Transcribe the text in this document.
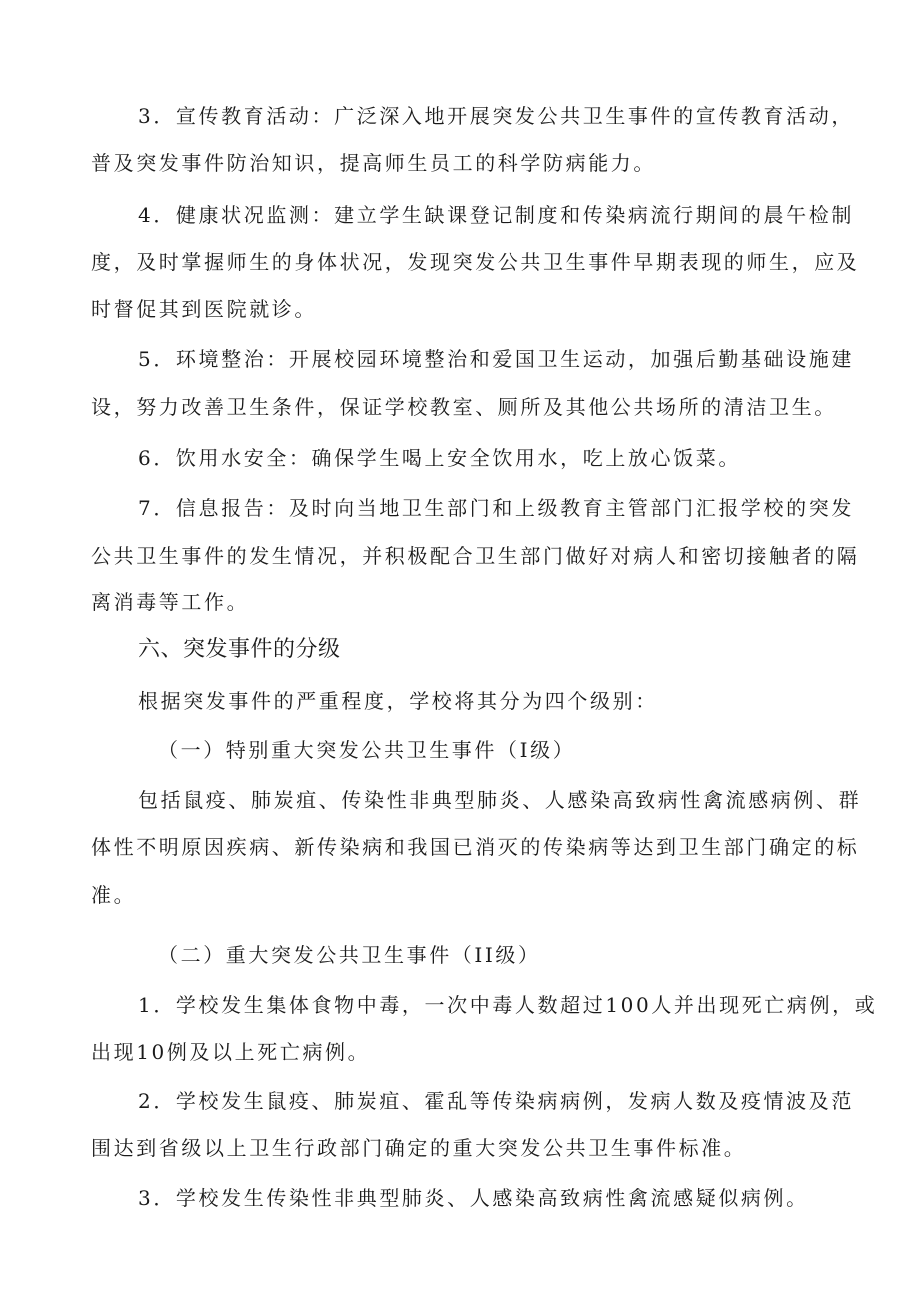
3．宣传教育活动：广泛深入地开展突发公共卫生事件的宣传教育活动，
普及突发事件防治知识，提高师生员工的科学防病能力。
4．健康状况监测：建立学生缺课登记制度和传染病流行期间的晨午检制
度，及时掌握师生的身体状况，发现突发公共卫生事件早期表现的师生，应及
时督促其到医院就诊。
5．环境整治：开展校园环境整治和爱国卫生运动，加强后勤基础设施建
设，努力改善卫生条件，保证学校教室、厕所及其他公共场所的清洁卫生。
6．饮用水安全：确保学生喝上安全饮用水，吃上放心饭菜。
7．信息报告：及时向当地卫生部门和上级教育主管部门汇报学校的突发
公共卫生事件的发生情况，并积极配合卫生部门做好对病人和密切接触者的隔
离消毒等工作。
六、突发事件的分级
根据突发事件的严重程度，学校将其分为四个级别：
（一）特别重大突发公共卫生事件（I级）
包括鼠疫、肺炭疽、传染性非典型肺炎、人感染高致病性禽流感病例、群
体性不明原因疾病、新传染病和我国已消灭的传染病等达到卫生部门确定的标
准。
（二）重大突发公共卫生事件（II级）
1．学校发生集体食物中毒，一次中毒人数超过100人并出现死亡病例，或
出现10例及以上死亡病例。
2．学校发生鼠疫、肺炭疽、霍乱等传染病病例，发病人数及疫情波及范
围达到省级以上卫生行政部门确定的重大突发公共卫生事件标准。
3．学校发生传染性非典型肺炎、人感染高致病性禽流感疑似病例。
